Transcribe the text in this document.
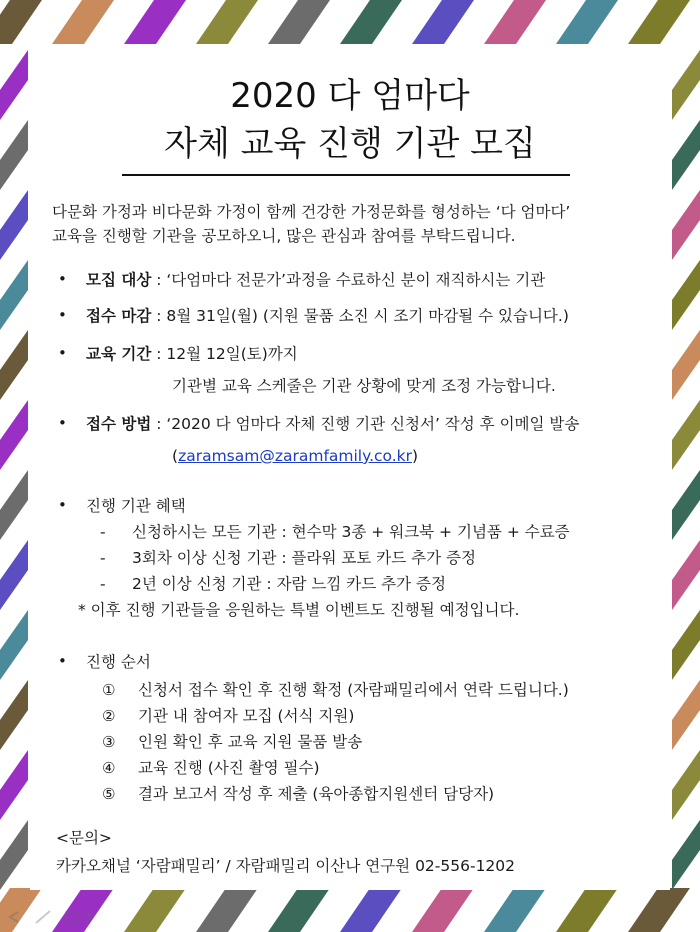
2020 다 엄마다
자체 교육 진행 기관 모집
다문화 가정과 비다문화 가정이 함께 건강한 가정문화를 형성하는 ‘다 엄마다’
교육을 진행할 기관을 공모하오니, 많은 관심과 참여를 부탁드립니다.
• 모집 대상 : ‘다엄마다 전문가’과정을 수료하신 분이 재직하시는 기관
• 접수 마감 : 8월 31일(월) (지원 물품 소진 시 조기 마감될 수 있습니다.)
• 교육 기간 : 12월 12일(토)까지
기관별 교육 스케줄은 기관 상황에 맞게 조정 가능합니다.
• 접수 방법 : ‘2020 다 엄마다 자체 진행 기관 신청서’ 작성 후 이메일 발송
(zaramsam@zaramfamily.co.kr)
• 진행 기관 혜택
- 신청하시는 모든 기관 : 현수막 3종 + 워크북 + 기념품 + 수료증
- 3회차 이상 신청 기관 : 플라워 포토 카드 추가 증정
- 2년 이상 신청 기관 : 자람 느낌 카드 추가 증정
* 이후 진행 기관들을 응원하는 특별 이벤트도 진행될 예정입니다.
• 진행 순서
① 신청서 접수 확인 후 진행 확정 (자람패밀리에서 연락 드립니다.)
② 기관 내 참여자 모집 (서식 지원)
③ 인원 확인 후 교육 지원 물품 발송
④ 교육 진행 (사진 촬영 필수)
⑤ 결과 보고서 작성 후 제출 (육아종합지원센터 담당자)
<문의>
카카오채널 ‘자람패밀리’ / 자람패밀리 이산나 연구원 02-556-1202
